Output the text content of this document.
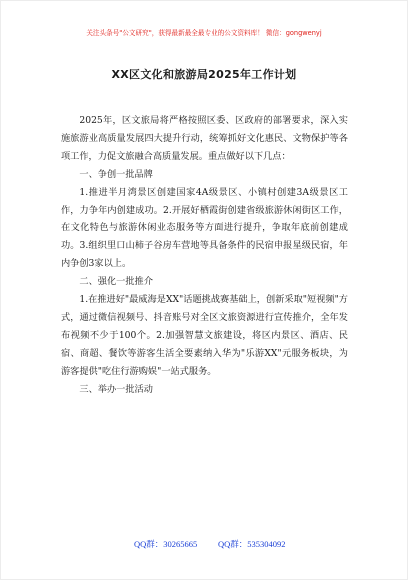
关注头条号"公文研究"，获得最新最全最专业的公文资料库！ 微信：gongwenyj
XX区文化和旅游局2025年工作计划

2025年，区文旅局将严格按照区委、区政府的部署要求，深入实施旅游业高质量发展四大提升行动，统筹抓好文化惠民、文物保护等各项工作，力促文旅融合高质量发展。重点做好以下几点：

一、争创一批品牌

1.推进半月湾景区创建国家4A级景区、小镇村创建3A级景区工作，力争年内创建成功。2.开展好栖霞街创建省级旅游休闲街区工作，在文化特色与旅游休闲业态服务等方面进行提升，争取年底前创建成功。3.组织里口山柿子谷房车营地等具备条件的民宿申报星级民宿，年内争创3家以上。

二、强化一批推介

1.在推进好"最威海是XX"话题挑战赛基础上，创新采取"短视频"方式，通过微信视频号、抖音账号对全区文旅资源进行宣传推介，全年发布视频不少于100个。2.加强智慧文旅建设，将区内景区、酒店、民宿、商超、餐饮等游客生活全要素纳入华为"乐游XX"元服务板块，为游客提供"吃住行游购娱"一站式服务。

三、举办一批活动

QQ群：30265665 QQ群：535304092
